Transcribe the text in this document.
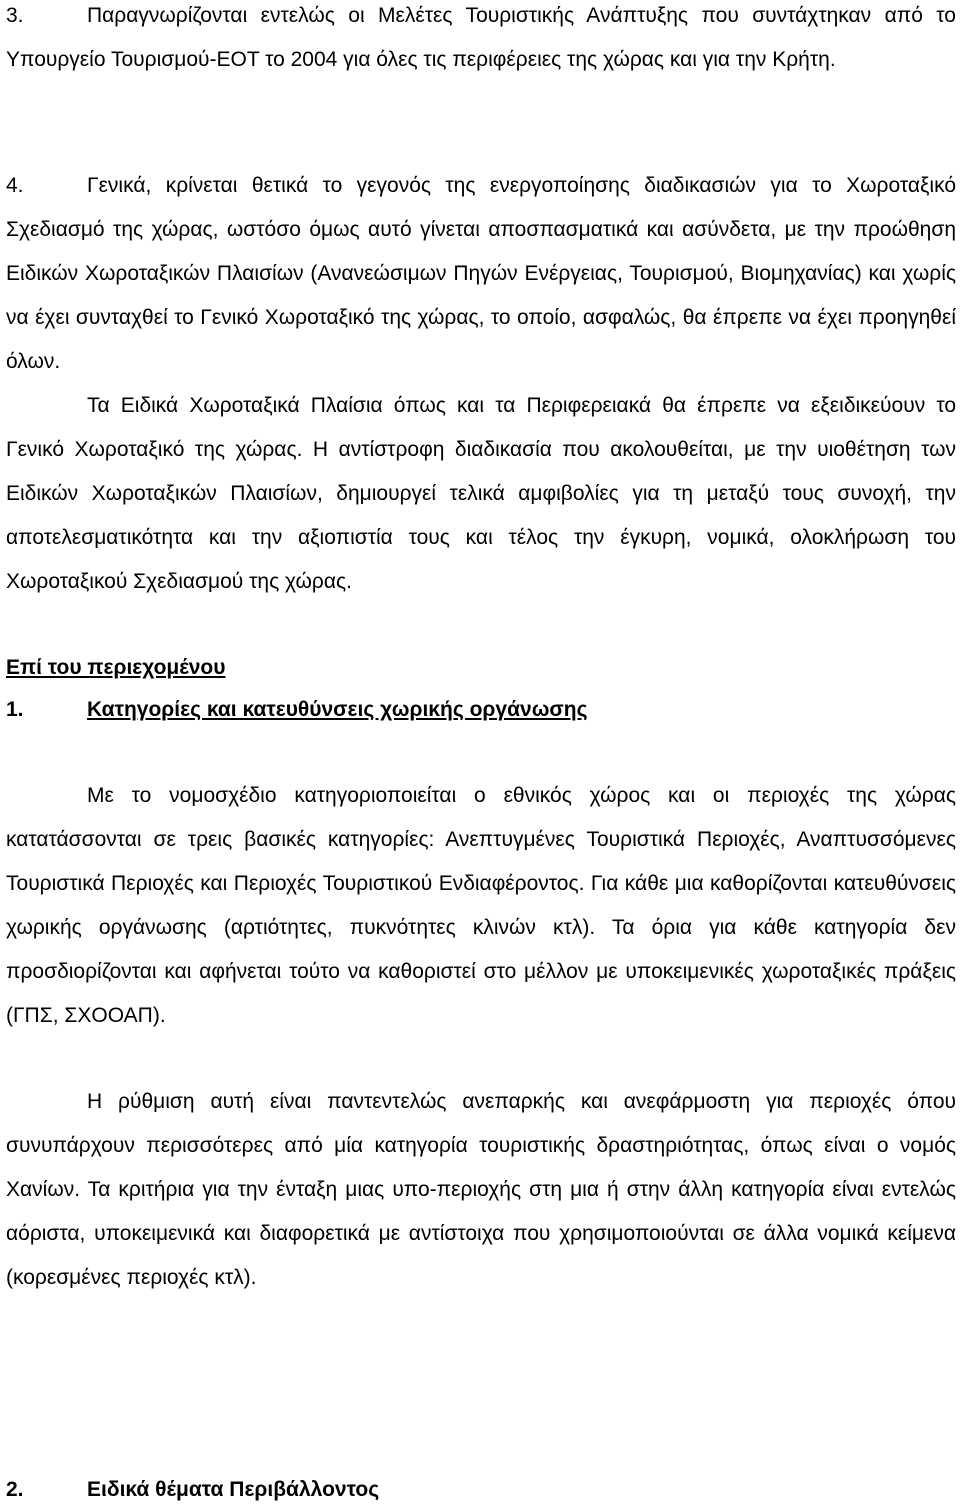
3.	Παραγνωρίζονται εντελώς οι Μελέτες Τουριστικής Ανάπτυξης που συντάχτηκαν από το Υπουργείο Τουρισμού-ΕΟΤ το 2004 για όλες τις περιφέρειες της χώρας και για την Κρήτη.

4.	Γενικά, κρίνεται θετικά το γεγονός της ενεργοποίησης διαδικασιών για το Χωροταξικό Σχεδιασμό της χώρας, ωστόσο όμως αυτό γίνεται αποσπασματικά και ασύνδετα, με την προώθηση Ειδικών Χωροταξικών Πλαισίων (Ανανεώσιμων Πηγών Ενέργειας, Τουρισμού, Βιομηχανίας) και χωρίς να έχει συνταχθεί το Γενικό Χωροταξικό της χώρας, το οποίο, ασφαλώς, θα έπρεπε να έχει προηγηθεί όλων.

Τα Ειδικά Χωροταξικά Πλαίσια όπως και τα Περιφερειακά θα έπρεπε να εξειδικεύουν το Γενικό Χωροταξικό της χώρας. Η αντίστροφη διαδικασία που ακολουθείται, με την υιοθέτηση των Ειδικών Χωροταξικών Πλαισίων, δημιουργεί τελικά αμφιβολίες για τη μεταξύ τους συνοχή, την αποτελεσματικότητα και την αξιοπιστία τους και τέλος την έγκυρη, νομικά, ολοκλήρωση του Χωροταξικού Σχεδιασμού της χώρας.

Επί του περιεχομένου

1.	Κατηγορίες και κατευθύνσεις χωρικής οργάνωσης

Με το νομοσχέδιο κατηγοριοποιείται ο εθνικός χώρος και οι περιοχές της χώρας κατατάσσονται σε τρεις βασικές κατηγορίες: Ανεπτυγμένες Τουριστικά Περιοχές, Αναπτυσσόμενες Τουριστικά Περιοχές και Περιοχές Τουριστικού Ενδιαφέροντος. Για κάθε μια καθορίζονται κατευθύνσεις χωρικής οργάνωσης (αρτιότητες, πυκνότητες κλινών κτλ). Τα όρια για κάθε κατηγορία δεν προσδιορίζονται και αφήνεται τούτο να καθοριστεί στο μέλλον με υποκειμενικές χωροταξικές πράξεις (ΓΠΣ, ΣΧΟΟΑΠ).

Η ρύθμιση αυτή είναι παντεντελώς ανεπαρκής και ανεφάρμοστη για περιοχές όπου συνυπάρχουν περισσότερες από μία κατηγορία τουριστικής δραστηριότητας, όπως είναι ο νομός Χανίων. Τα κριτήρια για την ένταξη μιας υπο-περιοχής στη μια ή στην άλλη κατηγορία είναι εντελώς αόριστα, υποκειμενικά και διαφορετικά με αντίστοιχα που χρησιμοποιούνται σε άλλα νομικά κείμενα (κορεσμένες περιοχές κτλ).

2.	Ειδικά θέματα Περιβάλλοντος
